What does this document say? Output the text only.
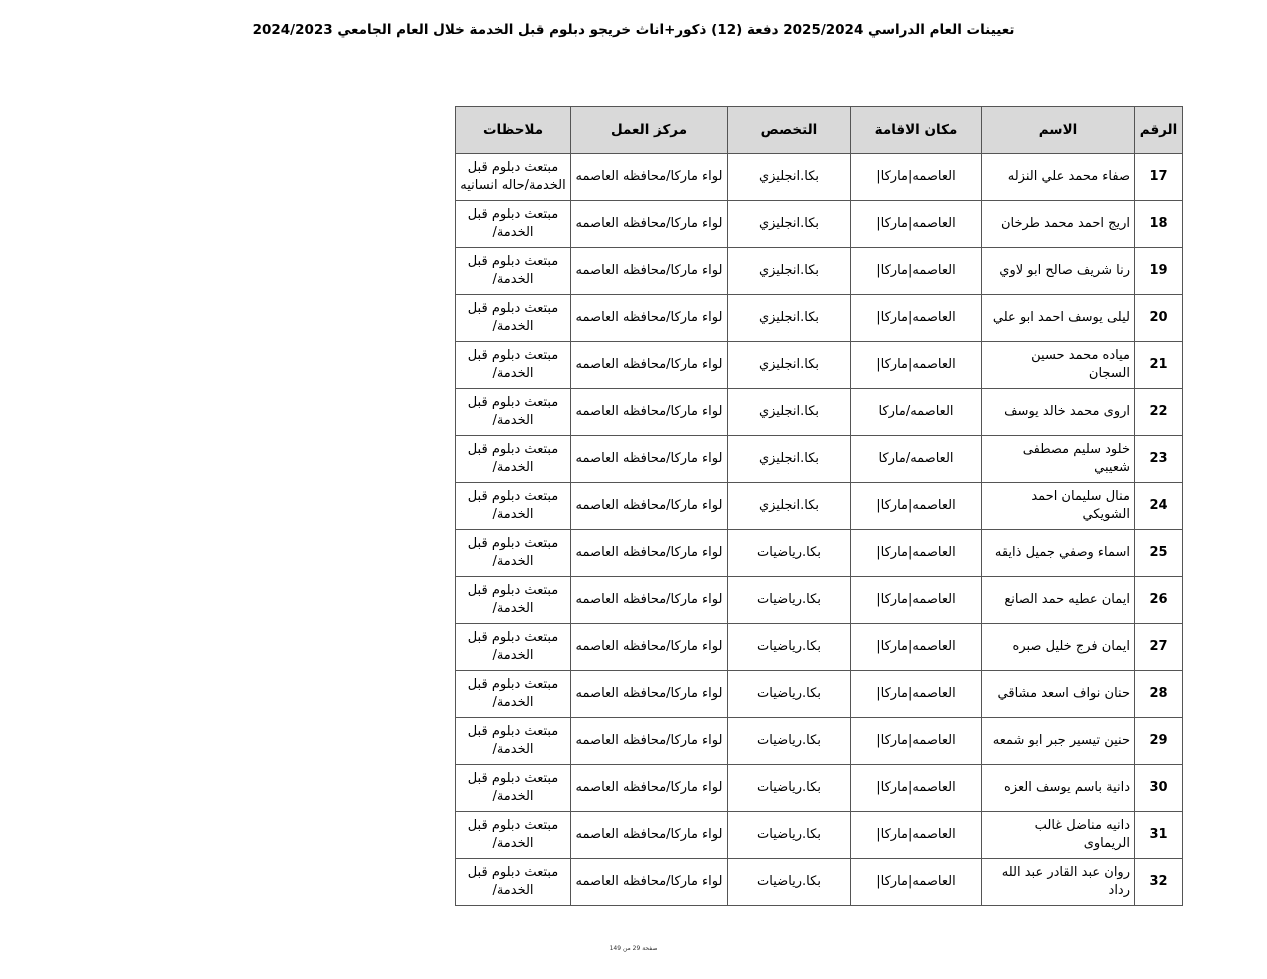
تعيينات العام الدراسي 2025/2024 دفعة (12) ذكور+اناث خريجو دبلوم قبل الخدمة خلال العام الجامعي 2024/2023
الرقم	الاسم	مكان الاقامة	التخصص	مركز العمل	ملاحظات
17	صفاء محمد علي النزله	العاصمه|ماركا|	بكا.انجليزي	لواء ماركا/محافظه العاصمه	مبتعث دبلوم قبل الخدمة/حاله انسانيه
18	اريج احمد محمد طرخان	العاصمه|ماركا|	بكا.انجليزي	لواء ماركا/محافظه العاصمه	مبتعث دبلوم قبل الخدمة/
19	رنا شريف صالح ابو لاوي	العاصمه|ماركا|	بكا.انجليزي	لواء ماركا/محافظه العاصمه	مبتعث دبلوم قبل الخدمة/
20	ليلى يوسف احمد ابو علي	العاصمه|ماركا|	بكا.انجليزي	لواء ماركا/محافظه العاصمه	مبتعث دبلوم قبل الخدمة/
21	مياده محمد حسين السجان	العاصمه|ماركا|	بكا.انجليزي	لواء ماركا/محافظه العاصمه	مبتعث دبلوم قبل الخدمة/
22	اروى محمد خالد يوسف	العاصمه/ماركا	بكا.انجليزي	لواء ماركا/محافظه العاصمه	مبتعث دبلوم قبل الخدمة/
23	خلود سليم مصطفى شعيبي	العاصمه/ماركا	بكا.انجليزي	لواء ماركا/محافظه العاصمه	مبتعث دبلوم قبل الخدمة/
24	منال سليمان احمد الشويكي	العاصمه|ماركا|	بكا.انجليزي	لواء ماركا/محافظه العاصمه	مبتعث دبلوم قبل الخدمة/
25	اسماء وصفي جميل ذايقه	العاصمه|ماركا|	بكا.رياضيات	لواء ماركا/محافظه العاصمه	مبتعث دبلوم قبل الخدمة/
26	ايمان عطيه حمد الصانع	العاصمه|ماركا|	بكا.رياضيات	لواء ماركا/محافظه العاصمه	مبتعث دبلوم قبل الخدمة/
27	ايمان فرج خليل صبره	العاصمه|ماركا|	بكا.رياضيات	لواء ماركا/محافظه العاصمه	مبتعث دبلوم قبل الخدمة/
28	حنان نواف اسعد مشاقي	العاصمه|ماركا|	بكا.رياضيات	لواء ماركا/محافظه العاصمه	مبتعث دبلوم قبل الخدمة/
29	حنين تيسير جبر ابو شمعه	العاصمه|ماركا|	بكا.رياضيات	لواء ماركا/محافظه العاصمه	مبتعث دبلوم قبل الخدمة/
30	دانية باسم يوسف العزه	العاصمه|ماركا|	بكا.رياضيات	لواء ماركا/محافظه العاصمه	مبتعث دبلوم قبل الخدمة/
31	دانيه مناضل غالب الريماوى	العاصمه|ماركا|	بكا.رياضيات	لواء ماركا/محافظه العاصمه	مبتعث دبلوم قبل الخدمة/
32	روان عبد القادر عبد الله رداد	العاصمه|ماركا|	بكا.رياضيات	لواء ماركا/محافظه العاصمه	مبتعث دبلوم قبل الخدمة/
صفحة 29 من 149
